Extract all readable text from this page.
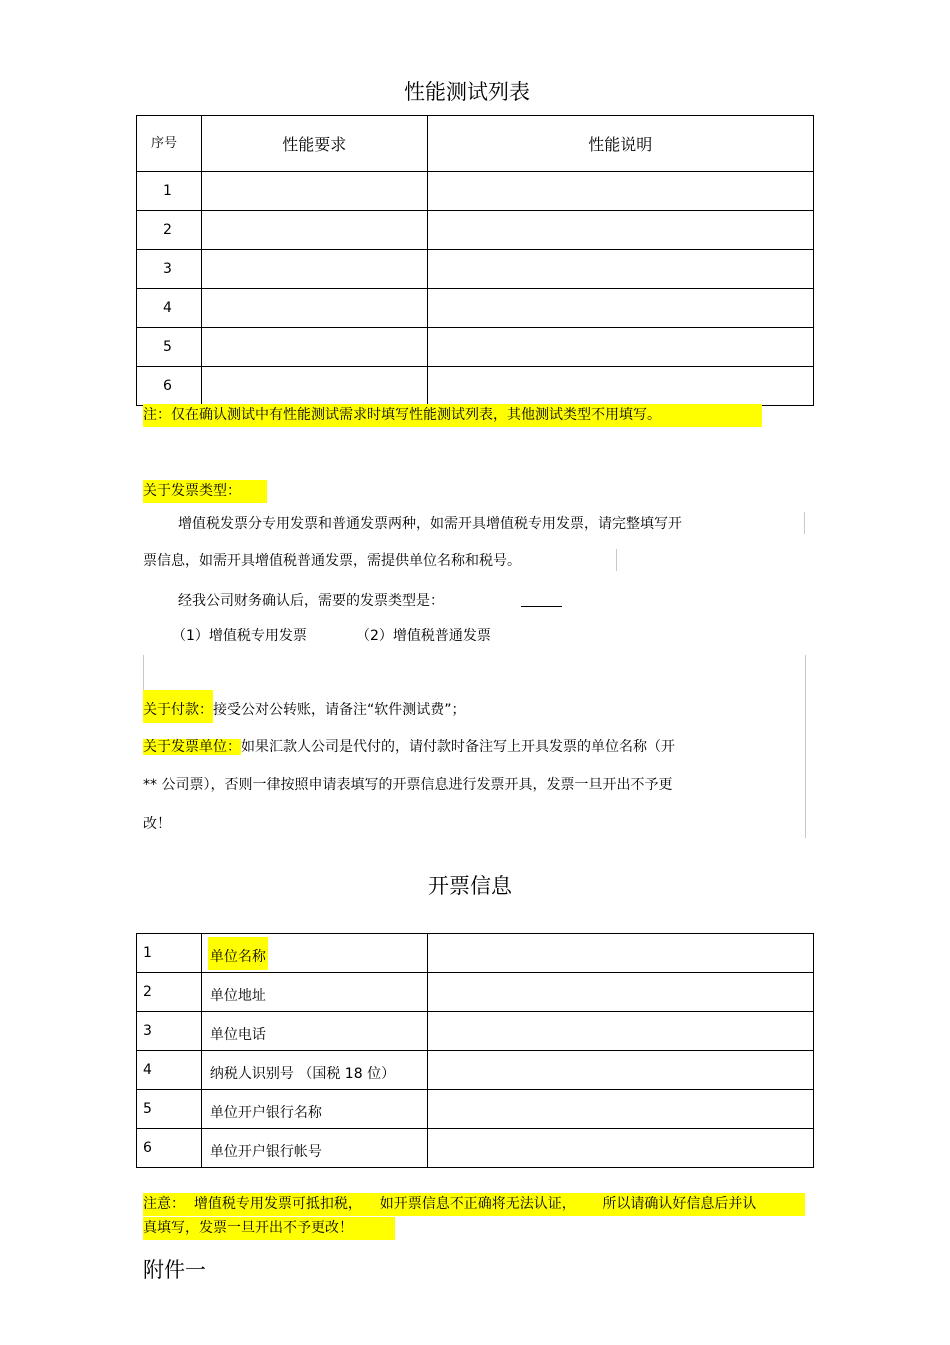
性能测试列表
序号	性能要求	性能说明
1		
2		
3		
4		
5		
6		
注：仅在确认测试中有性能测试需求时填写性能测试列表，其他测试类型不用填写。
关于发票类型：
增值税发票分专用发票和普通发票两种，如需开具增值税专用发票，请完整填写开
票信息，如需开具增值税普通发票，需提供单位名称和税号。
经我公司财务确认后，需要的发票类型是：
（1）增值税专用发票	（2）增值税普通发票
关于付款：接受公对公转账，请备注“软件测试费”；
关于发票单位：如果汇款人公司是代付的，请付款时备注写上开具发票的单位名称（开
** 公司票），否则一律按照申请表填写的开票信息进行发票开具，发票一旦开出不予更
改！
开票信息
1	单位名称	
2	单位地址	
3	单位电话	
4	纳税人识别号 （国税 18 位）	
5	单位开户银行名称	
6	单位开户银行帐号	
注意：  增值税专用发票可抵扣税，    如开票信息不正确将无法认证，      所以请确认好信息后并认
真填写，发票一旦开出不予更改！
附件一
